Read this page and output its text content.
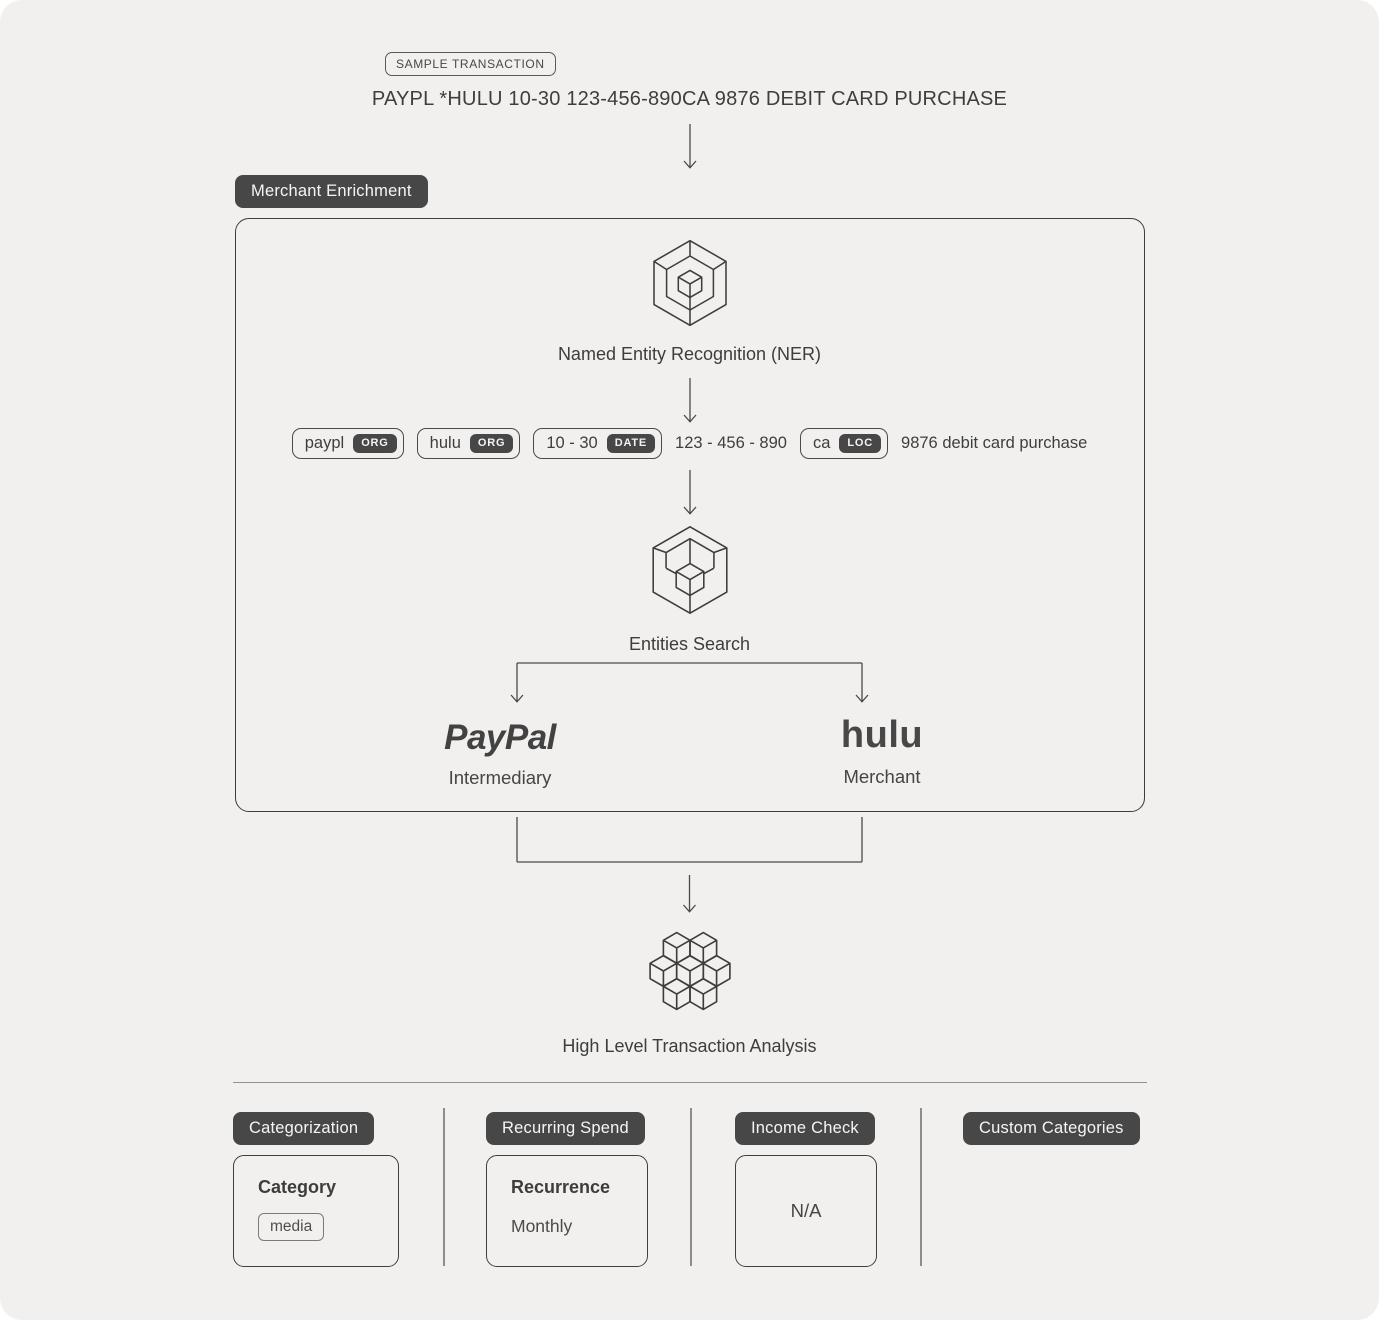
SAMPLE TRANSACTION
PAYPL *HULU 10-30 123-456-890CA 9876 DEBIT CARD PURCHASE
Merchant Enrichment
Named Entity Recognition (NER)
paypl	ORG	hulu	ORG	10 - 30	DATE	123 - 456 - 890 ca	LOC	9876 debit card purchase
Entities Search
PayPal
Intermediary
hulu
Merchant
High Level Transaction Analysis
Categorization
Category
media
Recurring Spend
Recurrence
Monthly
Income Check
N/A
Custom Categories
